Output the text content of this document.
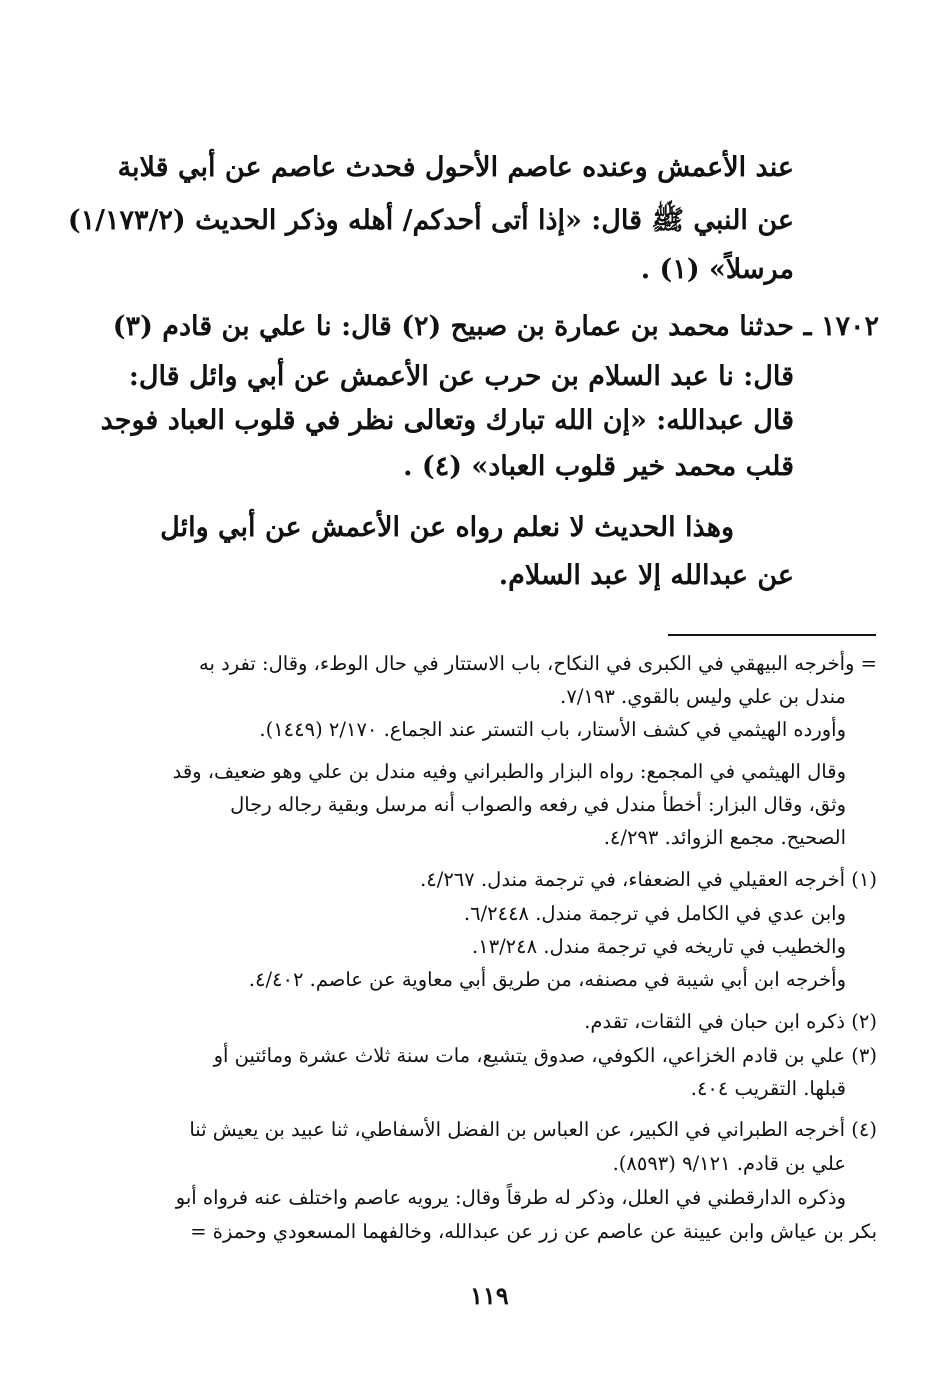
عند الأعمش وعنده عاصم الأحول فحدث عاصم عن أبي قلابة
عن النبي ﷺ قال: «إذا أتى أحدكم/ أهله وذكر الحديث (١/١٧٣/٢)
مرسلاً» (١) .
١٧٠٢ ـ
حدثنا محمد بن عمارة بن صبيح (٢) قال: نا علي بن قادم (٣)
قال: نا عبد السلام بن حرب عن الأعمش عن أبي وائل قال:
قال عبدالله: «إن الله تبارك وتعالى نظر في قلوب العباد فوجد
قلب محمد خير قلوب العباد» (٤) .
وهذا الحديث لا نعلم رواه عن الأعمش عن أبي وائل
عن عبدالله إلا عبد السلام.
= وأخرجه البيهقي في الكبرى في النكاح، باب الاستتار في حال الوطء، وقال: تفرد به
مندل بن علي وليس بالقوي. ٧/١٩٣.
وأورده الهيثمي في كشف الأستار، باب التستر عند الجماع. ٢/١٧٠ (١٤٤٩).
وقال الهيثمي في المجمع: رواه البزار والطبراني وفيه مندل بن علي وهو ضعيف، وقد
وثق، وقال البزار: أخطأ مندل في رفعه والصواب أنه مرسل وبقية رجاله رجال
الصحيح. مجمع الزوائد. ٤/٢٩٣.
(١) أخرجه العقيلي في الضعفاء، في ترجمة مندل. ٤/٢٦٧.
وابن عدي في الكامل في ترجمة مندل. ٦/٢٤٤٨.
والخطيب في تاريخه في ترجمة مندل. ١٣/٢٤٨.
وأخرجه ابن أبي شيبة في مصنفه، من طريق أبي معاوية عن عاصم. ٤/٤٠٢.
(٢) ذكره ابن حبان في الثقات، تقدم.
(٣) علي بن قادم الخزاعي، الكوفي، صدوق يتشيع، مات سنة ثلاث عشرة ومائتين أو
قبلها. التقريب ٤٠٤.
(٤) أخرجه الطبراني في الكبير، عن العباس بن الفضل الأسفاطي، ثنا عبيد بن يعيش ثنا
علي بن قادم. ٩/١٢١ (٨٥٩٣).
وذكره الدارقطني في العلل، وذكر له طرقاً وقال: يرويه عاصم واختلف عنه فرواه أبو
بكر بن عياش وابن عيينة عن عاصم عن زر عن عبدالله، وخالفهما المسعودي وحمزة =
١١٩
